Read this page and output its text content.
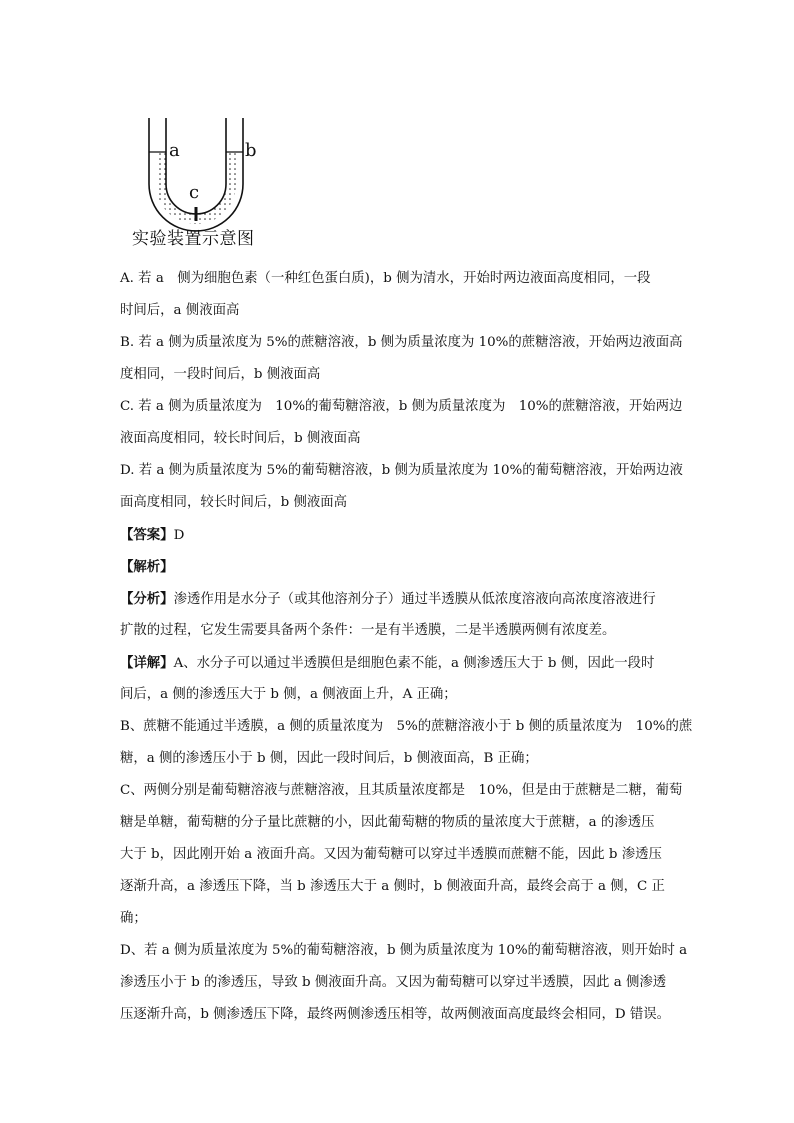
a	b
c
实验装置示意图
A. 若 a　侧为细胞色素（一种红色蛋白质)，b 侧为清水，开始时两边液面高度相同，一段
时间后，a 侧液面高
B. 若 a 侧为质量浓度为 5%的蔗糖溶液，b 侧为质量浓度为 10%的蔗糖溶液，开始两边液面高
度相同，一段时间后，b 侧液面高
C. 若 a 侧为质量浓度为　10%的葡萄糖溶液，b 侧为质量浓度为　10%的蔗糖溶液，开始两边
液面高度相同，较长时间后，b 侧液面高
D. 若 a 侧为质量浓度为 5%的葡萄糖溶液，b 侧为质量浓度为 10%的葡萄糖溶液，开始两边液
面高度相同，较长时间后，b 侧液面高
【答案】D
【解析】
【分析】渗透作用是水分子（或其他溶剂分子）通过半透膜从低浓度溶液向高浓度溶液进行
扩散的过程，它发生需要具备两个条件：一是有半透膜，二是半透膜两侧有浓度差。
【详解】A、水分子可以通过半透膜但是细胞色素不能，a 侧渗透压大于 b 侧，因此一段时
间后，a 侧的渗透压大于 b 侧，a 侧液面上升，A 正确；
B、蔗糖不能通过半透膜，a 侧的质量浓度为　5%的蔗糖溶液小于 b 侧的质量浓度为　10%的蔗
糖，a 侧的渗透压小于 b 侧，因此一段时间后，b 侧液面高，B 正确；
C、两侧分别是葡萄糖溶液与蔗糖溶液，且其质量浓度都是　10%，但是由于蔗糖是二糖，葡萄
糖是单糖，葡萄糖的分子量比蔗糖的小，因此葡萄糖的物质的量浓度大于蔗糖，a 的渗透压
大于 b，因此刚开始 a 液面升高。又因为葡萄糖可以穿过半透膜而蔗糖不能，因此 b 渗透压
逐渐升高，a 渗透压下降，当 b 渗透压大于 a 侧时，b 侧液面升高，最终会高于 a 侧，C 正
确；
D、若 a 侧为质量浓度为 5%的葡萄糖溶液，b 侧为质量浓度为 10%的葡萄糖溶液，则开始时 a
渗透压小于 b 的渗透压，导致 b 侧液面升高。又因为葡萄糖可以穿过半透膜，因此 a 侧渗透
压逐渐升高，b 侧渗透压下降，最终两侧渗透压相等，故两侧液面高度最终会相同，D 错误。
